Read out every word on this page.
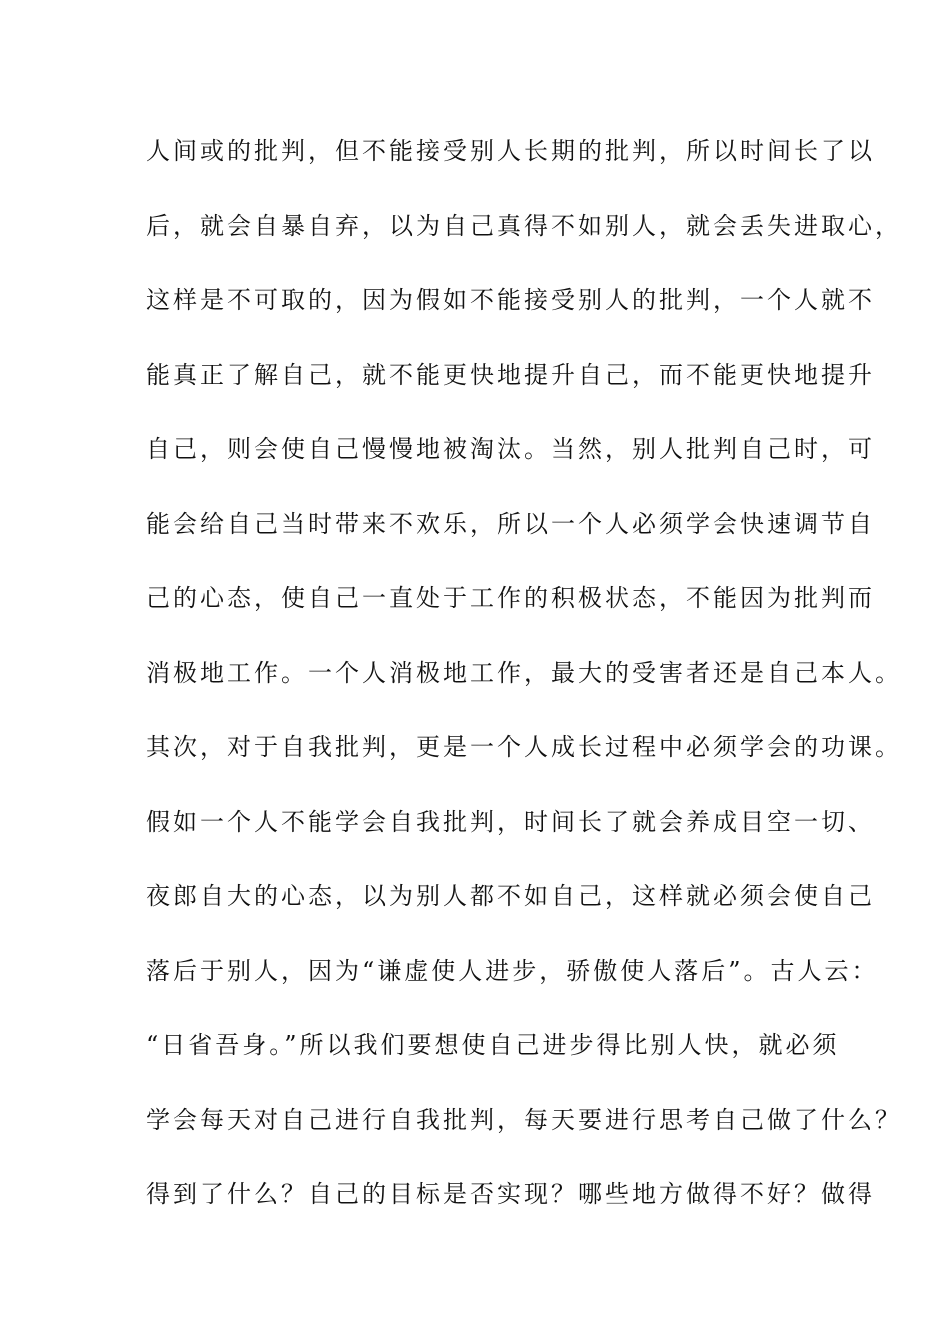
人间或的批判，但不能接受别人长期的批判，所以时间长了以
后，就会自暴自弃，以为自己真得不如别人，就会丢失进取心，
这样是不可取的，因为假如不能接受别人的批判，一个人就不
能真正了解自己，就不能更快地提升自己，而不能更快地提升
自己，则会使自己慢慢地被淘汰。当然，别人批判自己时，可
能会给自己当时带来不欢乐，所以一个人必须学会快速调节自
己的心态，使自己一直处于工作的积极状态，不能因为批判而
消极地工作。一个人消极地工作，最大的受害者还是自己本人。
其次，对于自我批判，更是一个人成长过程中必须学会的功课。
假如一个人不能学会自我批判，时间长了就会养成目空一切、
夜郎自大的心态，以为别人都不如自己，这样就必须会使自己
落后于别人，因为“谦虚使人进步，骄傲使人落后”。古人云：
“日省吾身。”所以我们要想使自己进步得比别人快，就必须
学会每天对自己进行自我批判，每天要进行思考自己做了什么？
得到了什么？自己的目标是否实现？哪些地方做得不好？做得
